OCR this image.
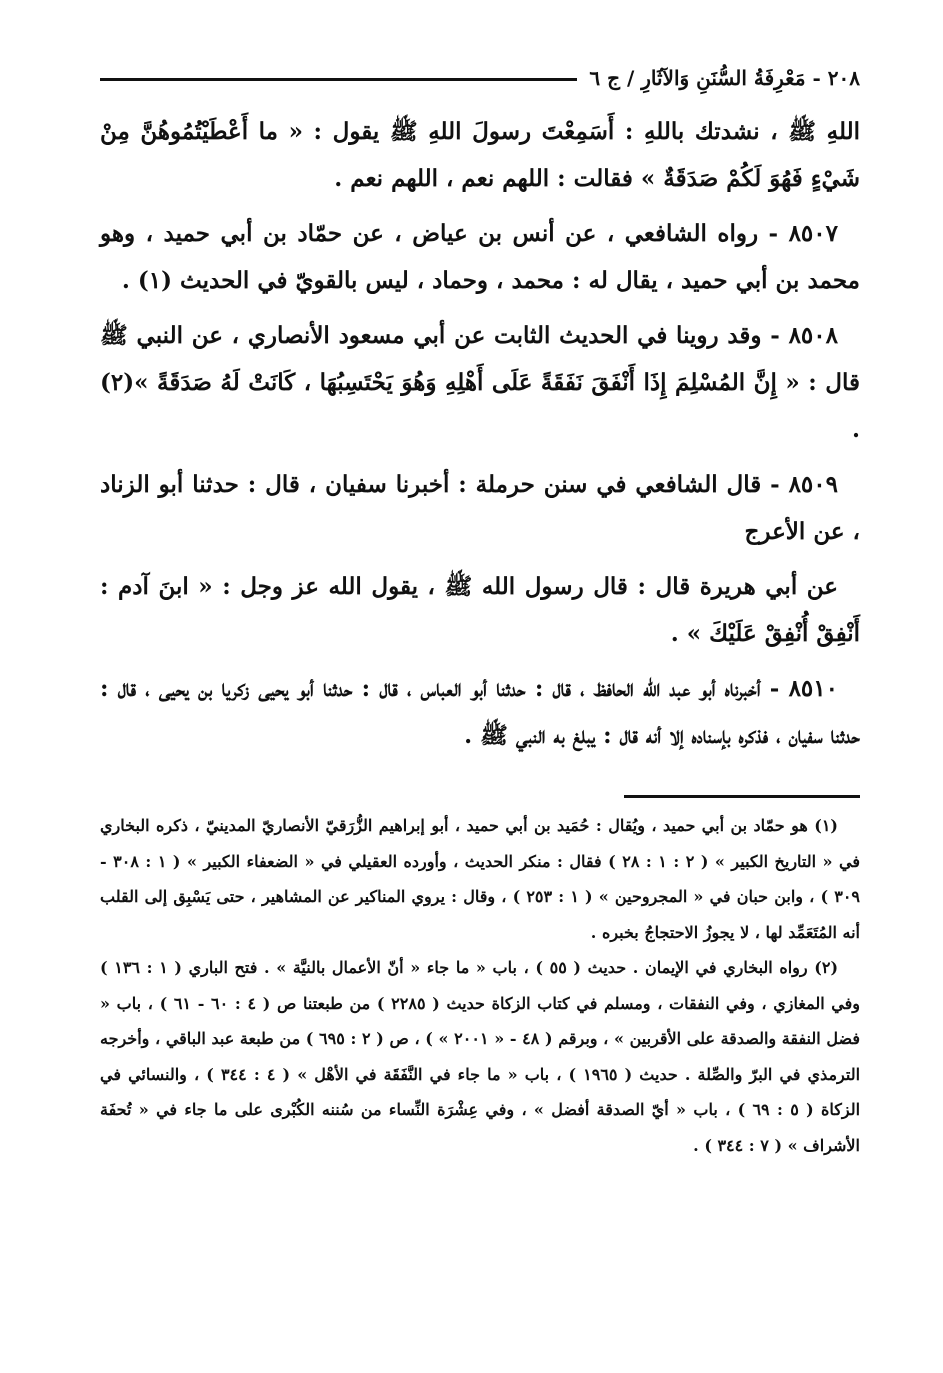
٢٠٨ - مَعْرِفَةُ السُّنَنِ وَالآثَارِ / ج ٦

اللهِ ﷺ ، نشدتك باللهِ : أَسَمِعْتَ رسولَ اللهِ ﷺ يقول : « ما أَعْطَيْتُمُوهُنَّ مِنْ شَيْءٍ فَهُوَ لَكُمْ صَدَقَةٌ » فقالت : اللهم نعم ، اللهم نعم .

٨٥٠٧ - رواه الشافعي ، عن أنس بن عياض ، عن حمّاد بن أبي حميد ، وهو محمد بن أبي حميد ، يقال له : محمد ، وحماد ، ليس بالقويّ في الحديث (١) .

٨٥٠٨ - وقد روينا في الحديث الثابت عن أبي مسعود الأنصاري ، عن النبي ﷺ قال : « إِنَّ المُسْلِمَ إِذَا أَنْفَقَ نَفَقَةً عَلَى أَهْلِهِ وَهُوَ يَحْتَسِبُهَا ، كَانَتْ لَهُ صَدَقَةً »(٢) .

٨٥٠٩ - قال الشافعي في سنن حرملة : أخبرنا سفيان ، قال : حدثنا أبو الزناد ، عن الأعرج

عن أبي هريرة قال : قال رسول الله ﷺ ، يقول الله عز وجل : « ابنَ آدم : أَنْفِقْ أُنْفِقْ عَلَيْكَ » .

٨٥١٠ - أخبرناه أبو عبد الله الحافظ ، قال : حدثنا أبو العباس ، قال : حدثنا أبو يحيى زكريا بن يحيى ، قال : حدثنا سفيان ، فذكره بإسناده إلا أنه قال : يبلغ به النبي ﷺ .

(١) هو حمّاد بن أبي حميد ، ويُقال : حُمَيد بن أبي حميد ، أبو إبراهيم الزُّرَقيّ الأنصاريّ المدينيّ ، ذكره البخاري في « التاريخ الكبير » ( ٢ : ١ : ٢٨ ) فقال : منكر الحديث ، وأورده العقيلي في « الضعفاء الكبير » ( ١ : ٣٠٨ - ٣٠٩ ) ، وابن حبان في « المجروحين » ( ١ : ٢٥٣ ) ، وقال : يروي المناكير عن المشاهير ، حتى يَسْبِق إلى القلب أنه المُتَعَمِّد لها ، لا يجوزُ الاحتجاجُ بخبره .

(٢) رواه البخاري في الإيمان . حديث ( ٥٥ ) ، باب « ما جاء « أنّ الأعمال بالنيَّة » . فتح الباري ( ١ : ١٣٦ ) وفي المغازي ، وفي النفقات ، ومسلم في كتاب الزكاة حديث ( ٢٢٨٥ ) من طبعتنا ص ( ٤ : ٦٠ - ٦١ ) ، باب « فضل النفقة والصدقة على الأقربين » ، وبرقم ( ٤٨ - « ٢٠٠١ » ) ، ص ( ٢ : ٦٩٥ ) من طبعة عبد الباقي ، وأخرجه الترمذي في البرّ والصِّلة . حديث ( ١٩٦٥ ) ، باب « ما جاء في النَّفَقَة في الأهْل » ( ٤ : ٣٤٤ ) ، والنسائي في الزكاة ( ٥ : ٦٩ ) ، باب « أيّ الصدقة أفضل » ، وفي عِشْرَة النِّساء من سُننه الكُبْرى على ما جاء في « تُحفَة الأشراف » ( ٧ : ٣٤٤ ) .
